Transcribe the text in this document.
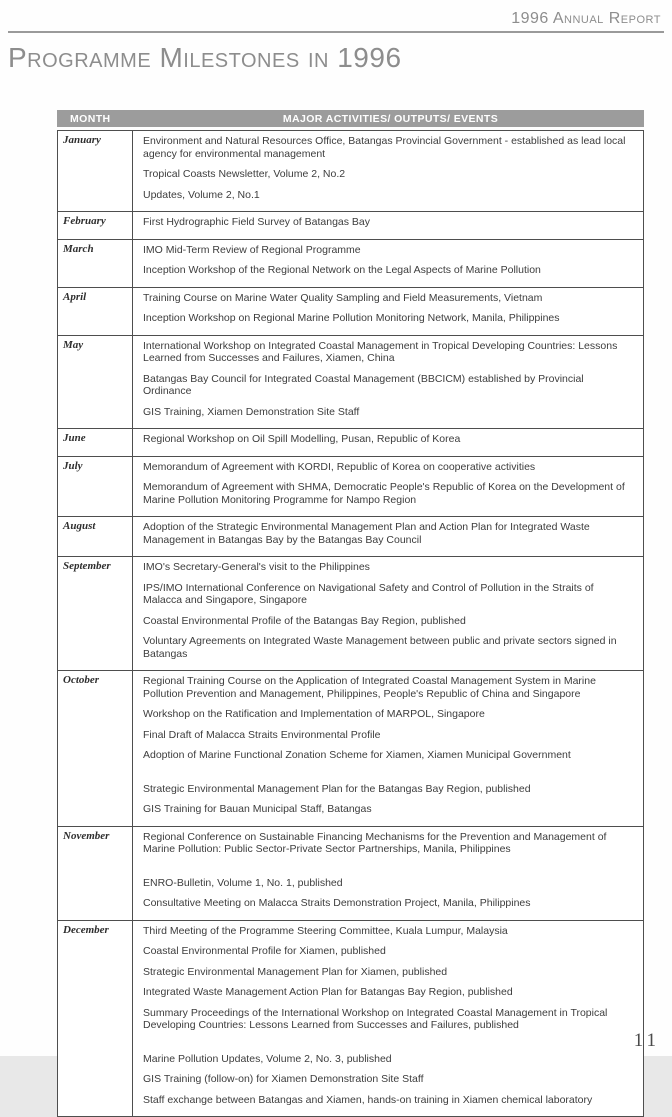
1996 Annual Report
Programme Milestones in 1996
MONTH	MAJOR ACTIVITIES/ OUTPUTS/ EVENTS
January	Environment and Natural Resources Office, Batangas Provincial Government - established as lead local agency for environmental management

Tropical Coasts Newsletter, Volume 2, No.2

Updates, Volume 2, No.1

February	First Hydrographic Field Survey of Batangas Bay

March	IMO Mid-Term Review of Regional Programme

Inception Workshop of the Regional Network on the Legal Aspects of Marine Pollution

April	Training Course on Marine Water Quality Sampling and Field Measurements, Vietnam

Inception Workshop on Regional Marine Pollution Monitoring Network, Manila, Philippines

May	International Workshop on Integrated Coastal Management in Tropical Developing Countries: Lessons Learned from Successes and Failures, Xiamen, China

Batangas Bay Council for Integrated Coastal Management (BBCICM) established by Provincial Ordinance

GIS Training, Xiamen Demonstration Site Staff

June	Regional Workshop on Oil Spill Modelling, Pusan, Republic of Korea

July	Memorandum of Agreement with KORDI, Republic of Korea on cooperative activities

Memorandum of Agreement with SHMA, Democratic People's Republic of Korea on the Development of Marine Pollution Monitoring Programme for Nampo Region

August	Adoption of the Strategic Environmental Management Plan and Action Plan for Integrated Waste Management in Batangas Bay by the Batangas Bay Council

September	IMO's Secretary-General's visit to the Philippines

IPS/IMO International Conference on Navigational Safety and Control of Pollution in the Straits of Malacca and Singapore, Singapore

Coastal Environmental Profile of the Batangas Bay Region, published

Voluntary Agreements on Integrated Waste Management between public and private sectors signed in Batangas

October	Regional Training Course on the Application of Integrated Coastal Management System in Marine Pollution Prevention and Management, Philippines, People's Republic of China and Singapore

Workshop on the Ratification and Implementation of MARPOL, Singapore

Final Draft of Malacca Straits Environmental Profile

Adoption of Marine Functional Zonation Scheme for Xiamen, Xiamen Municipal Government

Strategic Environmental Management Plan for the Batangas Bay Region, published

GIS Training for Bauan Municipal Staff, Batangas

November	Regional Conference on Sustainable Financing Mechanisms for the Prevention and Management of Marine Pollution: Public Sector-Private Sector Partnerships, Manila, Philippines

ENRO-Bulletin, Volume 1, No. 1, published

Consultative Meeting on Malacca Straits Demonstration Project, Manila, Philippines

December	Third Meeting of the Programme Steering Committee, Kuala Lumpur, Malaysia

Coastal Environmental Profile for Xiamen, published

Strategic Environmental Management Plan for Xiamen, published

Integrated Waste Management Action Plan for Batangas Bay Region, published

Summary Proceedings of the International Workshop on Integrated Coastal Management in Tropical Developing Countries: Lessons Learned from Successes and Failures, published

Marine Pollution Updates, Volume 2, No. 3, published

GIS Training (follow-on) for Xiamen Demonstration Site Staff

Staff exchange between Batangas and Xiamen, hands-on training in Xiamen chemical laboratory

11
